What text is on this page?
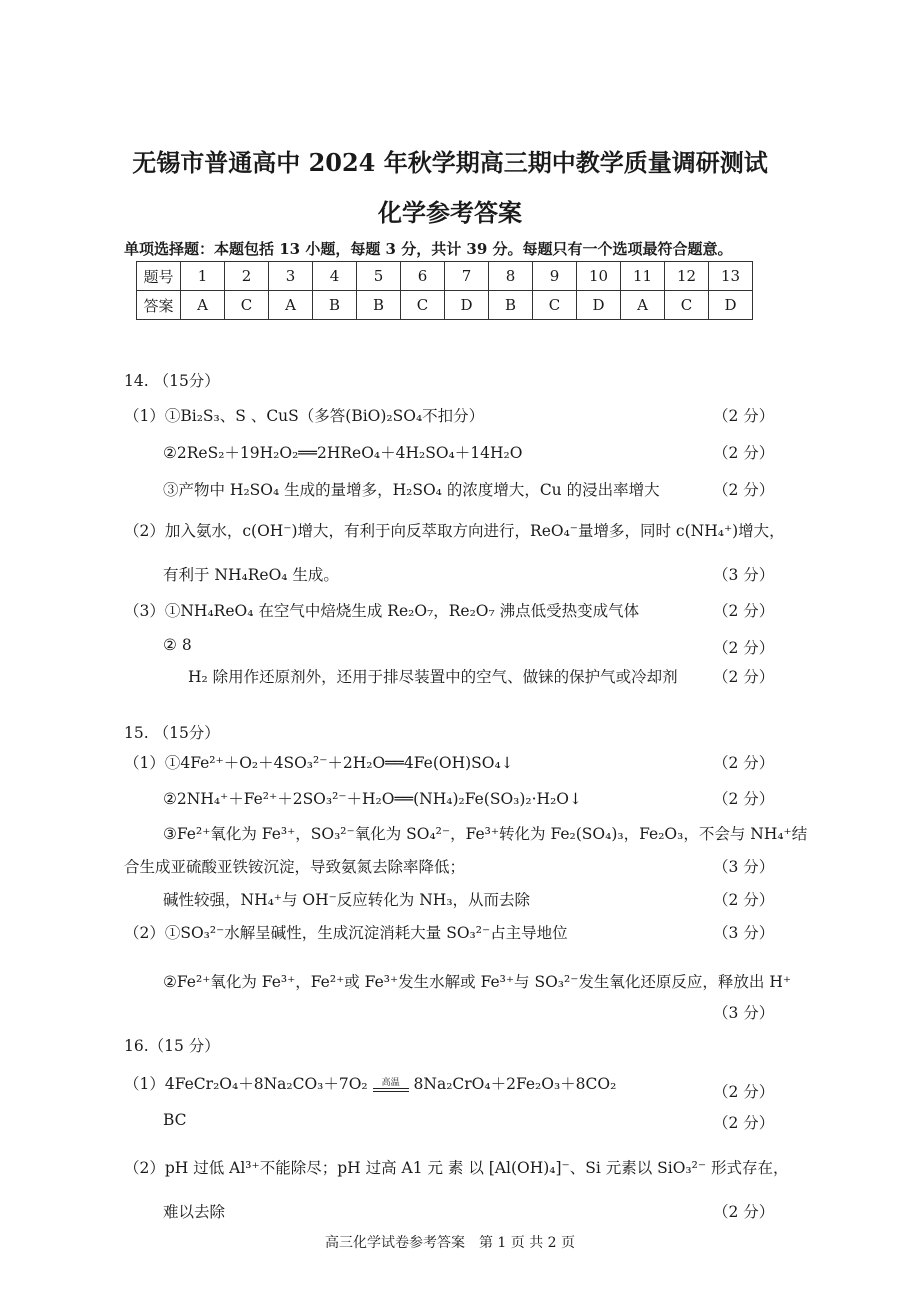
无锡市普通高中 2024 年秋学期高三期中教学质量调研测试
化学参考答案
单项选择题：本题包括 13 小题，每题 3 分，共计 39 分。每题只有一个选项最符合题意。
题号	1	2	3	4	5	6	7	8	9	10	11	12	13
答案	A	C	A	B	B	C	D	B	C	D	A	C	D
14. （15分）
（1）①Bi₂S₃、S 、CuS（多答(BiO)₂SO₄不扣分）	（2 分）
②2ReS₂＋19H₂O₂══2HReO₄＋4H₂SO₄＋14H₂O	（2 分）
③产物中 H₂SO₄ 生成的量增多，H₂SO₄ 的浓度增大，Cu 的浸出率增大	（2 分）
（2）加入氨水，c(OH⁻)增大，有利于向反萃取方向进行，ReO₄⁻量增多，同时 c(NH₄⁺)增大，
有利于 NH₄ReO₄ 生成。	（3 分）
（3）①NH₄ReO₄ 在空气中焙烧生成 Re₂O₇，Re₂O₇ 沸点低受热变成气体	（2 分）
② 8	（2 分）
H₂ 除用作还原剂外，还用于排尽装置中的空气、做铼的保护气或冷却剂 （2 分）
15. （15分）
（1）①4Fe²⁺＋O₂＋4SO₃²⁻＋2H₂O══4Fe(OH)SO₄↓	（2 分）
②2NH₄⁺＋Fe²⁺＋2SO₃²⁻＋H₂O══(NH₄)₂Fe(SO₃)₂·H₂O↓	（2 分）
③Fe²⁺氧化为 Fe³⁺，SO₃²⁻氧化为 SO₄²⁻，Fe³⁺转化为 Fe₂(SO₄)₃，Fe₂O₃，不会与 NH₄⁺结
合生成亚硫酸亚铁铵沉淀，导致氨氮去除率降低；	（3 分）
碱性较强，NH₄⁺与 OH⁻反应转化为 NH₃，从而去除	（2 分）
（2）①SO₃²⁻水解呈碱性，生成沉淀消耗大量 SO₃²⁻占主导地位	（3 分）
②Fe²⁺氧化为 Fe³⁺，Fe²⁺或 Fe³⁺发生水解或 Fe³⁺与 SO₃²⁻发生氧化还原反应，释放出 H⁺
（3 分）
16.（15 分）
（1）4FeCr₂O₄＋8Na₂CO₃＋7O₂	高温 8Na₂CrO₄＋2Fe₂O₃＋8CO₂	（2 分）
BC	（2 分）
（2）pH 过低 Al³⁺不能除尽；pH 过高 A1 元 素 以 [Al(OH)₄]⁻、Si 元素以 SiO₃²⁻ 形式存在，
难以去除	（2 分）
高三化学试卷参考答案　第 1 页 共 2 页
